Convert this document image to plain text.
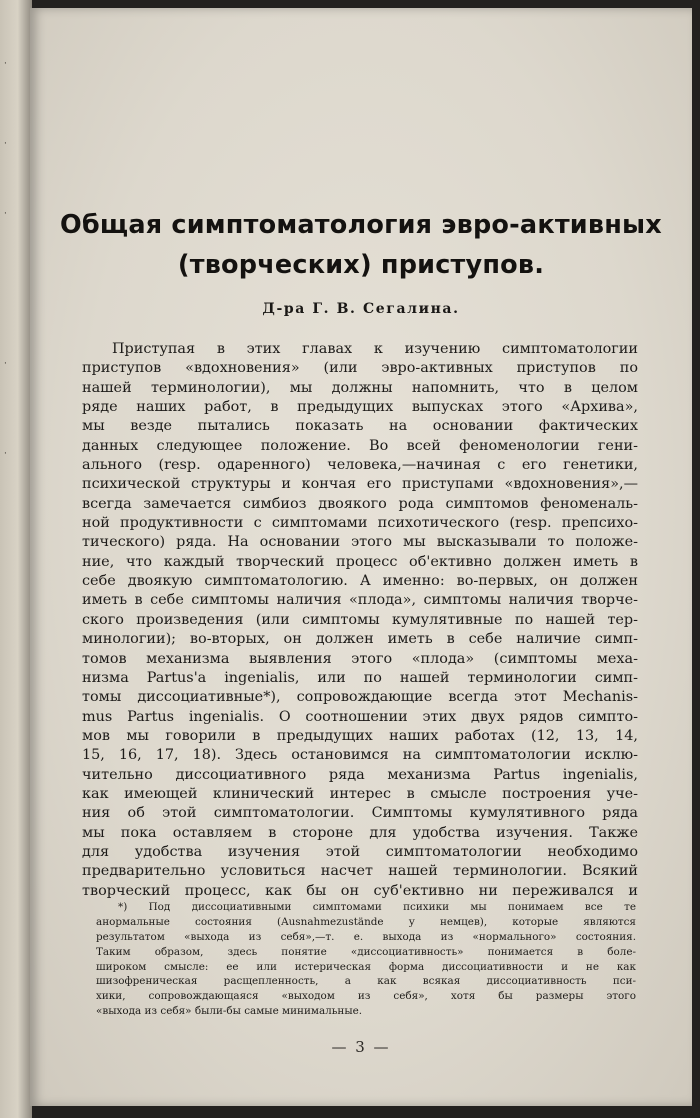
·
·
·
·
·
Общая симптоматология эвро-активных
(творческих) приступов.
Д-ра Г. В. Сегалина.
Приступая в этих главах к изучению симптоматологии
приступов «вдохновения» (или эвро-активных приступов по
нашей терминологии), мы должны напомнить, что в целом
ряде наших работ, в предыдущих выпусках этого «Архива»,
мы везде пытались показать на основании фактических
данных следующее положение. Во всей феноменологии гени-
ального (resp. одаренного) человека,—начиная с его генетики,
психической структуры и кончая его приступами «вдохновения»,—
всегда замечается симбиоз двоякого рода симптомов феноменаль-
ной продуктивности с симптомами психотического (resp. препсихо-
тического) ряда. На основании этого мы высказывали то положе-
ние, что каждый творческий процесс об'ективно должен иметь в
себе двоякую симптоматологию. А именно: во-первых, он должен
иметь в себе симптомы наличия «плода», симптомы наличия творче-
ского произведения (или симптомы кумулятивные по нашей тер-
минологии); во-вторых, он должен иметь в себе наличие симп-
томов механизма выявления этого «плода» (симптомы меха-
низма Partus'a ingenialis, или по нашей терминологии симп-
томы диссоциативные*), сопровождающие всегда этот Mechanis-
mus Partus ingenialis. О соотношении этих двух рядов симпто-
мов мы говорили в предыдущих наших работах (12, 13, 14,
15, 16, 17, 18). Здесь остановимся на симптоматологии исклю-
чительно диссоциативного ряда механизма Partus ingenialis,
как имеющей клинический интерес в смысле построения уче-
ния об этой симптоматологии. Симптомы кумулятивного ряда
мы пока оставляем в стороне для удобства изучения. Также
для удобства изучения этой симптоматологии необходимо
предварительно условиться насчет нашей терминологии. Всякий
творческий процесс, как бы он суб'ективно ни переживался и
*) Под диссоциативными симптомами психики мы понимаем все те
анормальные состояния (Ausnahmezustände у немцев), которые являются
результатом «выхода из себя»,—т. е. выхода из «нормального» состояния.
Таким образом, здесь понятие «диссоциативность» понимается в боле-
широком смысле: ее или истерическая форма диссоциативности и не как
шизофреническая расщепленность, а как всякая диссоциативность пси-
хики, сопровождающаяся «выходом из себя», хотя бы размеры этого
«выхода из себя» были-бы самые минимальные.
— 3 —
